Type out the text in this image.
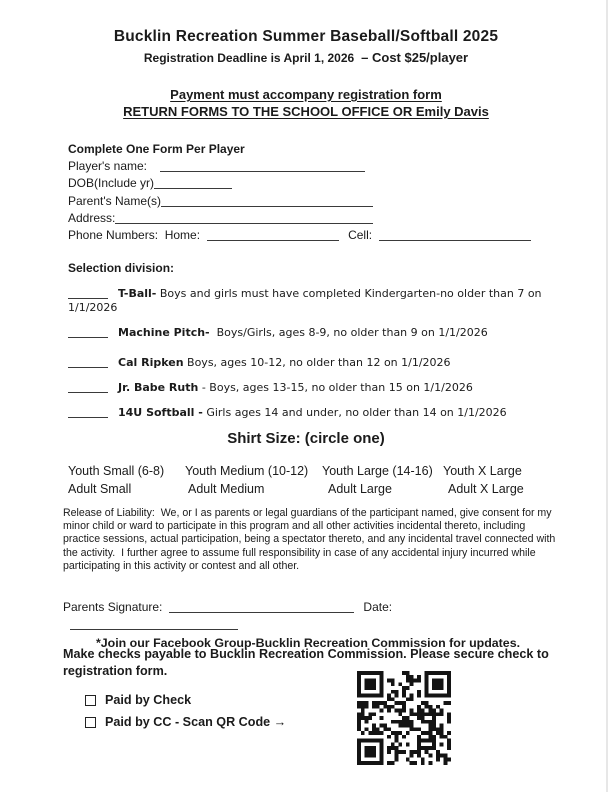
Bucklin Recreation Summer Baseball/Softball 2025
Registration Deadline is April 1, 2026  – Cost $25/player
Payment must accompany registration form
RETURN FORMS TO THE SCHOOL OFFICE OR Emily Davis
Complete One Form Per Player
Player's name:
DOB(Include yr)
Parent's Name(s)
Address:
Phone Numbers:  Home:	Cell:
Selection division:
T-Ball- Boys and girls must have completed Kindergarten-no older than 7 on
1/1/2026
Machine Pitch-  Boys/Girls, ages 8-9, no older than 9 on 1/1/2026
Cal Ripken Boys, ages 10-12, no older than 12 on 1/1/2026
Jr. Babe Ruth - Boys, ages 13-15, no older than 15 on 1/1/2026
14U Softball - Girls ages 14 and under, no older than 14 on 1/1/2026
Shirt Size: (circle one)
Youth Small (6-8)
Adult Small
Youth Medium (10-12)
Adult Medium
Youth Large (14-16)
Adult Large
Youth X Large
Adult X Large
Release of Liability:  We, or I as parents or legal guardians of the participant named, give consent for my minor child or ward to participate in this program and all other activities incidental thereto, including practice sessions, actual participation, being a spectator thereto, and any incidental travel connected with the activity.  I further agree to assume full responsibility in case of any accidental injury incurred while participating in this activity or contest and all other.
Parents Signature:	Date:
*Join our Facebook Group-Bucklin Recreation Commission for updates.
Make checks payable to Bucklin Recreation Commission. Please secure check to registration form.
Paid by Check
Paid by CC - Scan QR Code →
